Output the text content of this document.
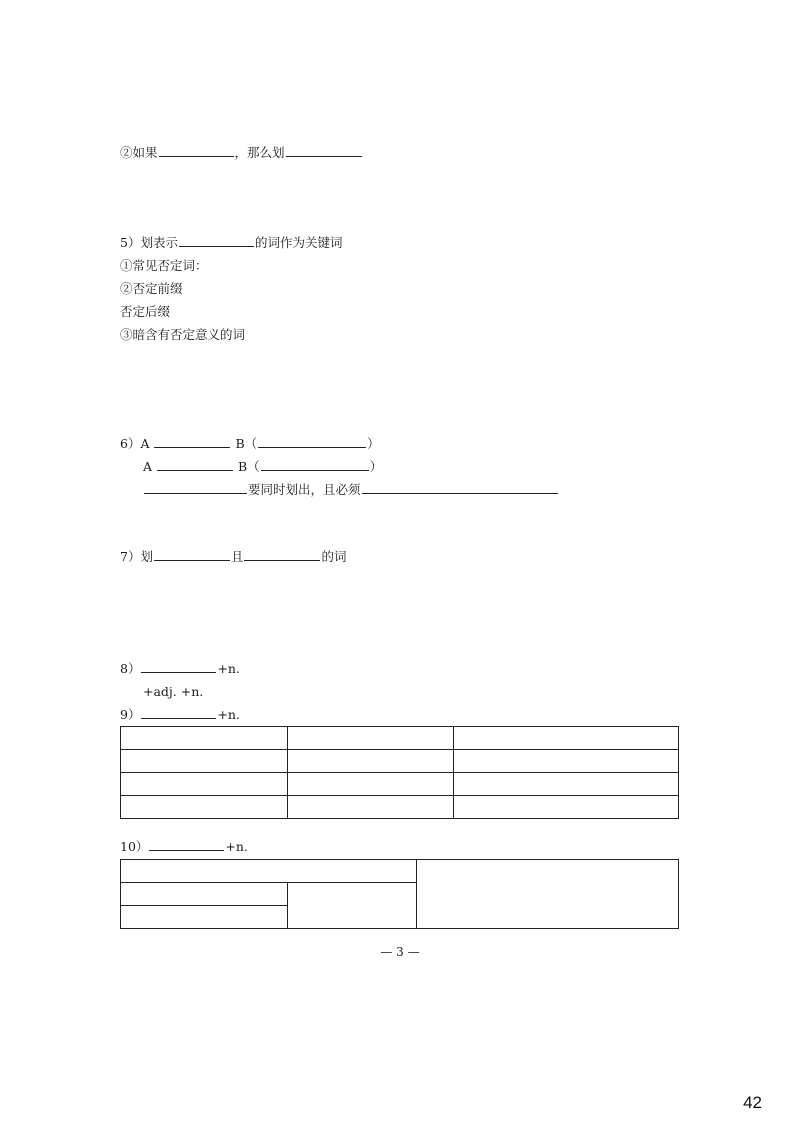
②如果	，那么划
5）划表示	的词作为关键词
①常见否定词：
②否定前缀
否定后缀
③暗含有否定意义的词
6）A	B（	）
A	B（	）
要同时划出，且必须
7）划	且	的词
8）	+n.
+adj. +n.
9）	+n.

10）	+n.

— 3 —
42
